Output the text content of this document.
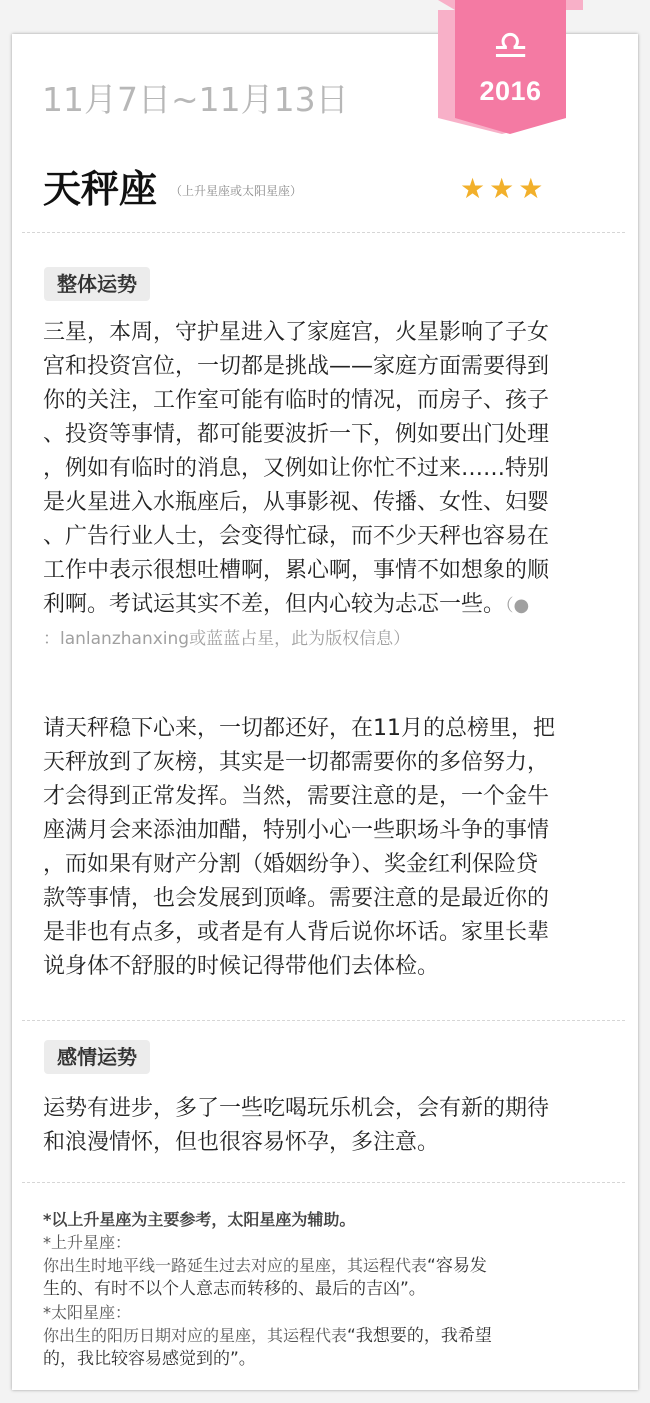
♎
2016
11月7日~11月13日
天秤座 （上升星座或太阳星座）	★ ★ ★
整体运势
三星，本周，守护星进入了家庭宫，火星影响了子女
宫和投资宫位，一切都是挑战——家庭方面需要得到
你的关注，工作室可能有临时的情况，而房子、孩子
、投资等事情，都可能要波折一下，例如要出门处理
，例如有临时的消息，又例如让你忙不过来……特别
是火星进入水瓶座后，从事影视、传播、女性、妇婴
、广告行业人士，会变得忙碌，而不少天秤也容易在
工作中表示很想吐槽啊，累心啊，事情不如想象的顺
利啊。考试运其实不差，但内心较为忐忑一些。（●
：lanlanzhanxing或蓝蓝占星，此为版权信息）
请天秤稳下心来，一切都还好，在11月的总榜里，把
天秤放到了灰榜，其实是一切都需要你的多倍努力，
才会得到正常发挥。当然，需要注意的是，一个金牛
座满月会来添油加醋，特别小心一些职场斗争的事情
，而如果有财产分割（婚姻纷争）、奖金红利保险贷
款等事情，也会发展到顶峰。需要注意的是最近你的
是非也有点多，或者是有人背后说你坏话。家里长辈
说身体不舒服的时候记得带他们去体检。
感情运势
运势有进步，多了一些吃喝玩乐机会，会有新的期待
和浪漫情怀，但也很容易怀孕，多注意。
*以上升星座为主要参考，太阳星座为辅助。
*上升星座：
你出生时地平线一路延生过去对应的星座，其运程代表“容易发
生的、有时不以个人意志而转移的、最后的吉凶”。
*太阳星座：
你出生的阳历日期对应的星座，其运程代表“我想要的，我希望
的，我比较容易感觉到的”。
